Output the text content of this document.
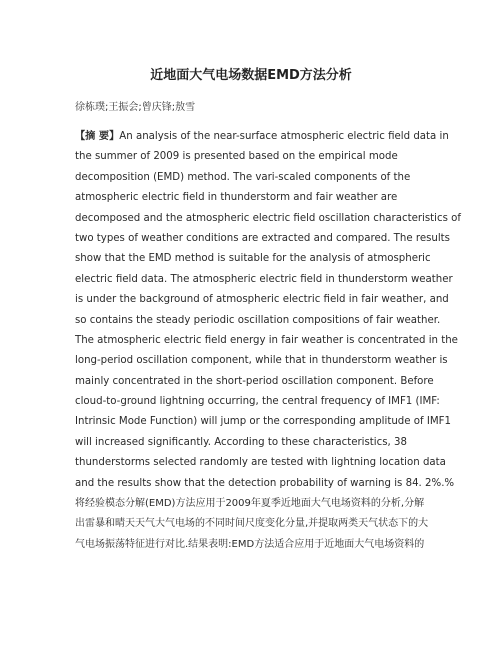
近地面大气电场数据EMD方法分析
徐栋璞;王振会;曾庆锋;敖雪
【摘 要】An analysis of the near-surface atmospheric electric field data in
the summer of 2009 is presented based on the empirical mode
decomposition (EMD) method. The vari-scaled components of the
atmospheric electric field in thunderstorm and fair weather are
decomposed and the atmospheric electric field oscillation characteristics of
two types of weather conditions are extracted and compared. The results
show that the EMD method is suitable for the analysis of atmospheric
electric field data. The atmospheric electric field in thunderstorm weather
is under the background of atmospheric electric field in fair weather, and
so contains the steady periodic oscillation compositions of fair weather.
The atmospheric electric field energy in fair weather is concentrated in the
long-period oscillation component, while that in thunderstorm weather is
mainly concentrated in the short-period oscillation component. Before
cloud-to-ground lightning occurring, the central frequency of IMF1 (IMF:
Intrinsic Mode Function) will jump or the corresponding amplitude of IMF1
will increased significantly. According to these characteristics, 38
thunderstorms selected randomly are tested with lightning location data
and the results show that the detection probability of warning is 84. 2%.%
将经验模态分解(EMD)方法应用于2009年夏季近地面大气电场资料的分析,分解
出雷暴和晴天天气大气电场的不同时间尺度变化分量,并提取两类天气状态下的大
气电场振荡特征进行对比.结果表明:EMD方法适合应用于近地面大气电场资料的
